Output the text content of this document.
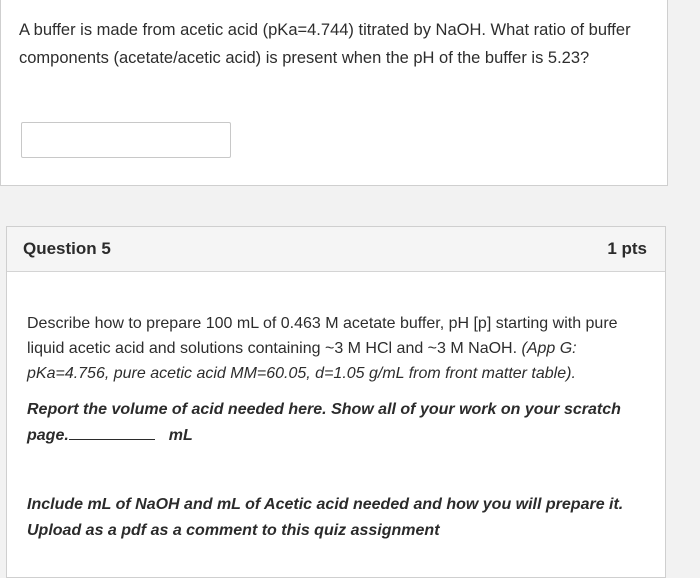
A buffer is made from acetic acid (pKa=4.744) titrated by NaOH. What ratio of buffer components (acetate/acetic acid) is present when the pH of the buffer is 5.23?

Question 5	1 pts

Describe how to prepare 100 mL of 0.463 M acetate buffer, pH [p] starting with pure liquid acetic acid and solutions containing ~3 M HCl and ~3 M NaOH. (App G: pKa=4.756, pure acetic acid MM=60.05, d=1.05 g/mL from front matter table).

Report the volume of acid needed here. Show all of your work on your scratch page.	mL

Include mL of NaOH and mL of Acetic acid needed and how you will prepare it. Upload as a pdf as a comment to this quiz assignment
